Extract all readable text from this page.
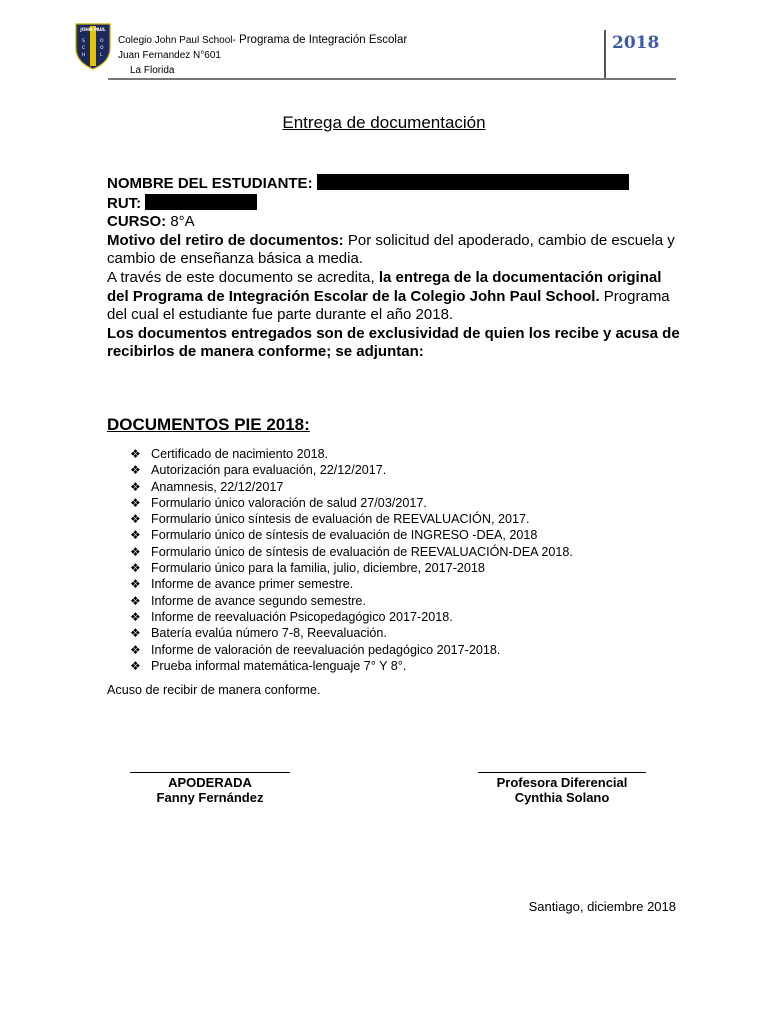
JOHN PAUL
S
C
H
O
O
L
Colegio John Paul School- Programa de Integración Escolar
Juan Fernandez N°601
La Florida
2018
Entrega de documentación

NOMBRE DEL ESTUDIANTE:

RUT:

CURSO: 8°A

Motivo del retiro de documentos: Por solicitud del apoderado, cambio de escuela y cambio de enseñanza básica a media.

A través de este documento se acredita, la entrega de la documentación original del Programa de Integración Escolar de la Colegio John Paul School. Programa del cual el estudiante fue parte durante el año 2018.

Los documentos entregados son de exclusividad de quien los recibe y acusa de recibirlos de manera conforme; se adjuntan:

DOCUMENTOS PIE 2018:
❖ Certificado de nacimiento 2018.
❖ Autorización para evaluación, 22/12/2017.
❖ Anamnesis, 22/12/2017
❖ Formulario único valoración de salud 27/03/2017.
❖ Formulario único síntesis de evaluación de REEVALUACIÓN, 2017.
❖ Formulario único de síntesis de evaluación de INGRESO -DEA, 2018
❖ Formulario único de síntesis de evaluación de REEVALUACIÓN-DEA 2018.
❖ Formulario único para la familia, julio, diciembre, 2017-2018
❖ Informe de avance primer semestre.
❖ Informe de avance segundo semestre.
❖ Informe de reevaluación Psicopedagógico 2017-2018.
❖ Batería evalúa número 7-8, Reevaluación.
❖ Informe de valoración de reevaluación pedagógico 2017-2018.
❖ Prueba informal matemática-lenguaje 7° Y 8°.
Acuso de recibir de manera conforme.
APODERADA
Fanny Fernández
Profesora Diferencial
Cynthia Solano
Santiago, diciembre 2018
